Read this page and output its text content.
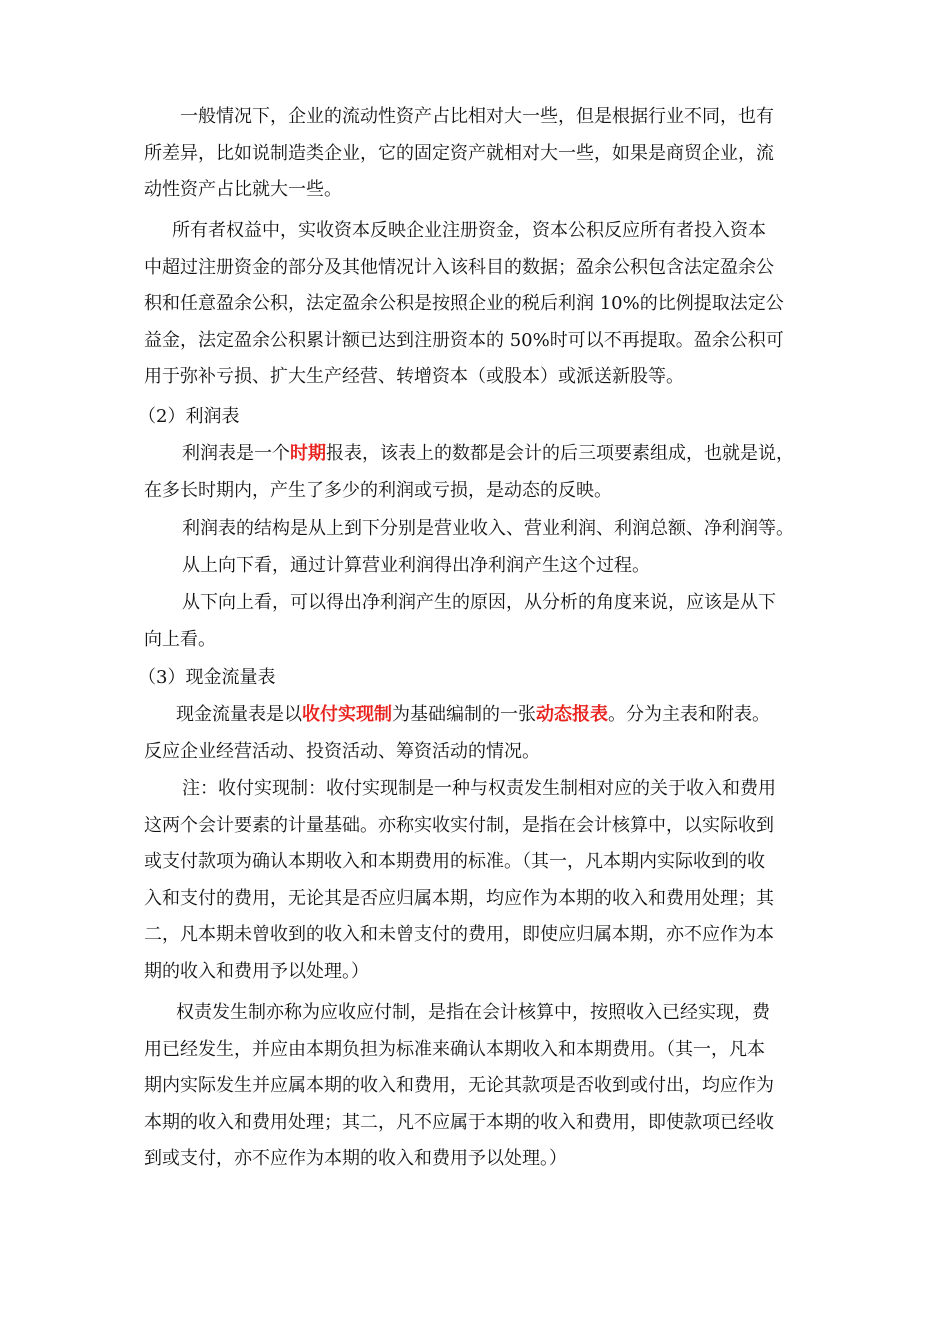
一般情况下，企业的流动性资产占比相对大一些，但是根据行业不同，也有
所差异，比如说制造类企业，它的固定资产就相对大一些，如果是商贸企业，流
动性资产占比就大一些。
所有者权益中，实收资本反映企业注册资金，资本公积反应所有者投入资本
中超过注册资金的部分及其他情况计入该科目的数据；盈余公积包含法定盈余公
积和任意盈余公积，法定盈余公积是按照企业的税后利润 10%的比例提取法定公
益金，法定盈余公积累计额已达到注册资本的 50%时可以不再提取。盈余公积可
用于弥补亏损、扩大生产经营、转增资本（或股本）或派送新股等。
（2）利润表
利润表是一个时期报表，该表上的数都是会计的后三项要素组成，也就是说，
在多长时期内，产生了多少的利润或亏损，是动态的反映。
利润表的结构是从上到下分别是营业收入、营业利润、利润总额、净利润等。
从上向下看，通过计算营业利润得出净利润产生这个过程。
从下向上看，可以得出净利润产生的原因，从分析的角度来说，应该是从下
向上看。
（3）现金流量表
现金流量表是以收付实现制为基础编制的一张动态报表。分为主表和附表。
反应企业经营活动、投资活动、筹资活动的情况。
注：收付实现制：收付实现制是一种与权责发生制相对应的关于收入和费用
这两个会计要素的计量基础。亦称实收实付制，是指在会计核算中，以实际收到
或支付款项为确认本期收入和本期费用的标准。（其一，凡本期内实际收到的收
入和支付的费用，无论其是否应归属本期，均应作为本期的收入和费用处理；其
二，凡本期未曾收到的收入和未曾支付的费用，即使应归属本期，亦不应作为本
期的收入和费用予以处理。）
权责发生制亦称为应收应付制，是指在会计核算中，按照收入已经实现，费
用已经发生，并应由本期负担为标准来确认本期收入和本期费用。（其一，凡本
期内实际发生并应属本期的收入和费用，无论其款项是否收到或付出，均应作为
本期的收入和费用处理；其二，凡不应属于本期的收入和费用，即使款项已经收
到或支付，亦不应作为本期的收入和费用予以处理。）
